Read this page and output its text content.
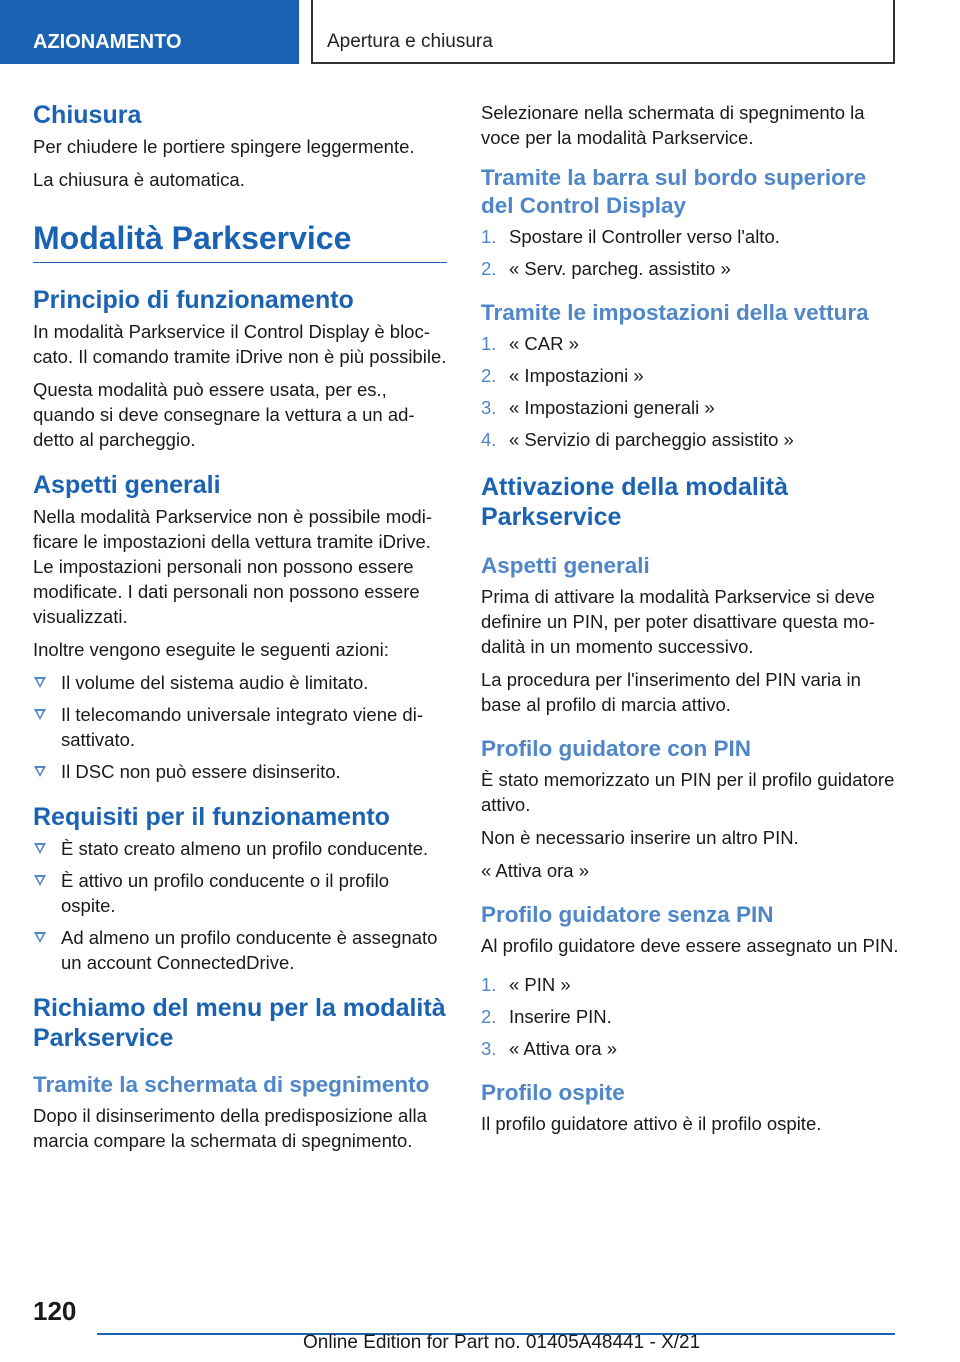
AZIONAMENTO	Apertura e chiusura
Chiusura

Per chiudere le portiere spingere leggermente.

La chiusura è automatica.

Modalità Parkservice
Principio di funzionamento

In modalità Parkservice il Control Display è bloccato. Il comando tramite iDrive non è più possibile.

Questa modalità può essere usata, per es., quando si deve consegnare la vettura a un addetto al parcheggio.

Aspetti generali

Nella modalità Parkservice non è possibile modificare le impostazioni della vettura tramite iDrive. Le impostazioni personali non possono essere modificate. I dati personali non possono essere visualizzati.

Inoltre vengono eseguite le seguenti azioni:

Il volume del sistema audio è limitato.
Il telecomando universale integrato viene disattivato.
Il DSC non può essere disinserito.
Requisiti per il funzionamento
È stato creato almeno un profilo conducente.
È attivo un profilo conducente o il profilo ospite.
Ad almeno un profilo conducente è assegnato un account ConnectedDrive.
Richiamo del menu per la modalità Parkservice
Tramite la schermata di spegnimento

Dopo il disinserimento della predisposizione alla marcia compare la schermata di spegnimento.

Selezionare nella schermata di spegnimento la voce per la modalità Parkservice.

Tramite la barra sul bordo superiore del Control Display
1. Spostare il Controller verso l'alto.
2. « Serv. parcheg. assistito »
Tramite le impostazioni della vettura
1. « CAR »
2. « Impostazioni »
3. « Impostazioni generali »
4. « Servizio di parcheggio assistito »
Attivazione della modalità Parkservice
Aspetti generali

Prima di attivare la modalità Parkservice si deve definire un PIN, per poter disattivare questa modalità in un momento successivo.

La procedura per l'inserimento del PIN varia in base al profilo di marcia attivo.

Profilo guidatore con PIN

È stato memorizzato un PIN per il profilo guidatore attivo.

Non è necessario inserire un altro PIN.

« Attiva ora »

Profilo guidatore senza PIN

Al profilo guidatore deve essere assegnato un PIN.

1. « PIN »
2. Inserire PIN.
3. « Attiva ora »
Profilo ospite

Il profilo guidatore attivo è il profilo ospite.

120
Online Edition for Part no. 01405A48441 - X/21
